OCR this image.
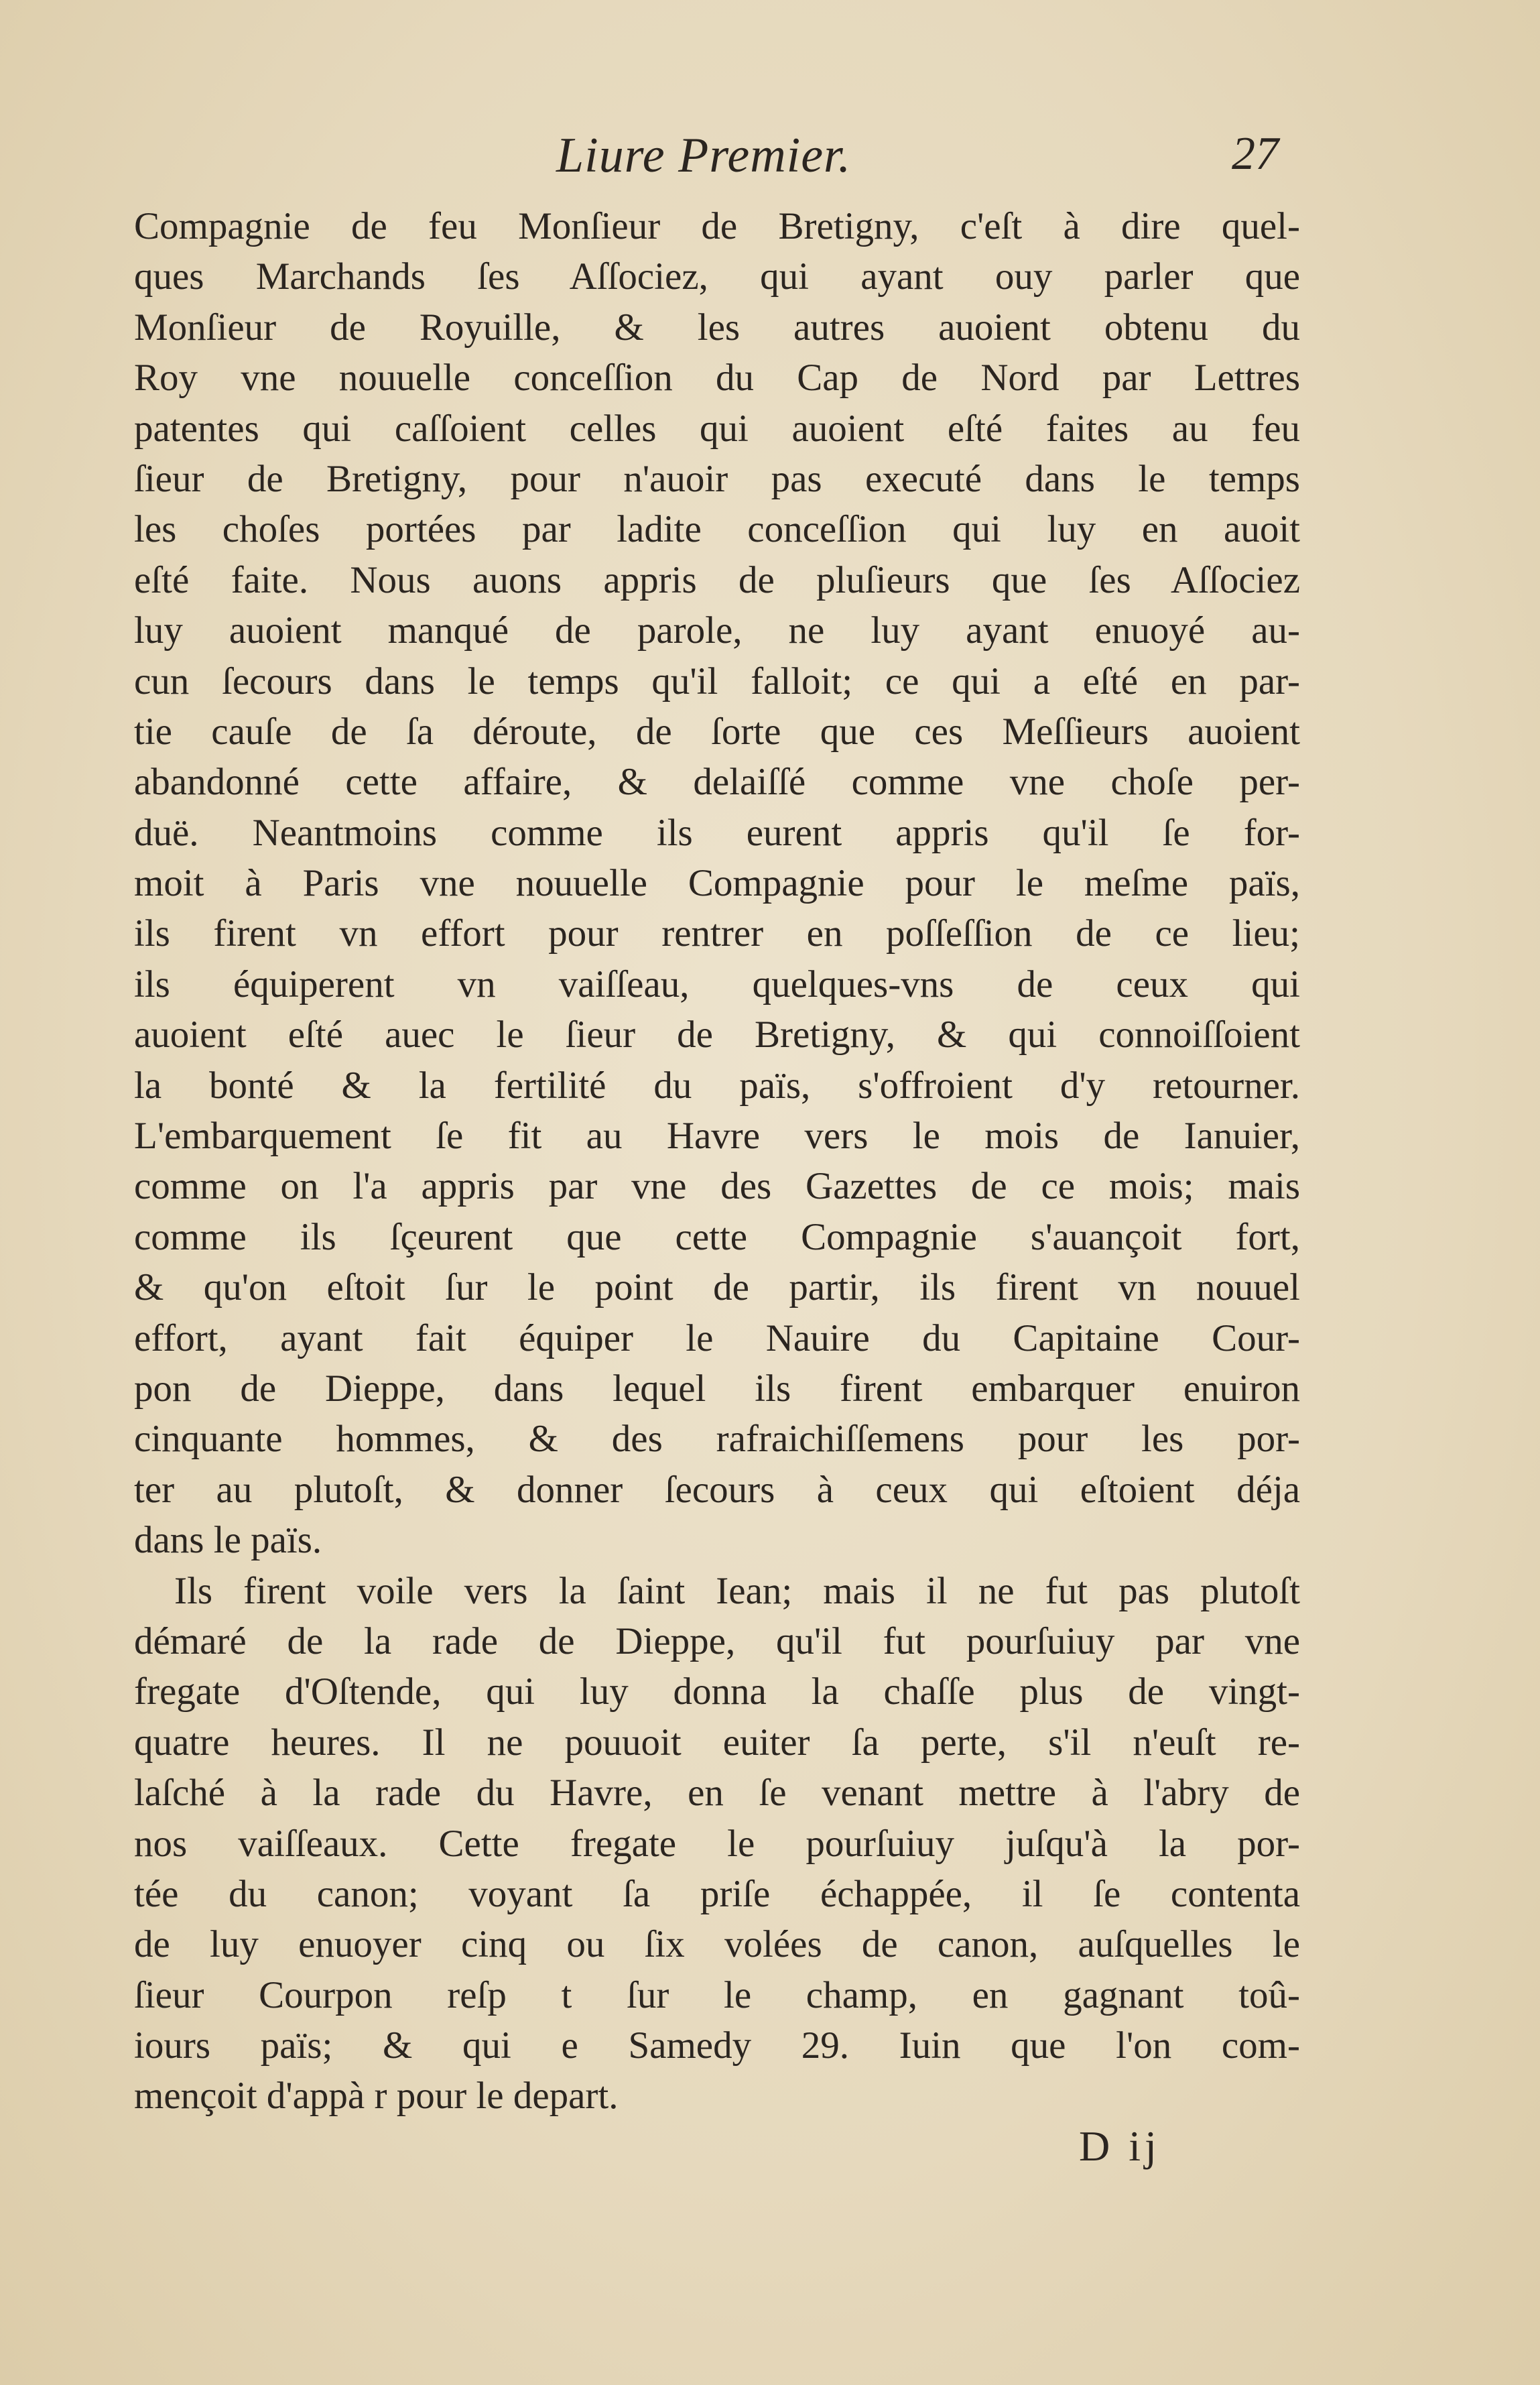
Liure Premier.	27
Compagnie de feu Monſieur de Bretigny, c'eſt à dire quel-
ques Marchands ſes Aſſociez, qui ayant ouy parler que
Monſieur de Royuille, & les autres auoient obtenu du
Roy vne nouuelle conceſſion du Cap de Nord par Lettres
patentes qui caſſoient celles qui auoient eſté faites au feu
ſieur de Bretigny, pour n'auoir pas executé dans le temps
les choſes portées par ladite conceſſion qui luy en auoit
eſté faite. Nous auons appris de pluſieurs que ſes Aſſociez
luy auoient manqué de parole, ne luy ayant enuoyé au-
cun ſecours dans le temps qu'il falloit; ce qui a eſté en par-
tie cauſe de ſa déroute, de ſorte que ces Meſſieurs auoient
abandonné cette affaire, & delaiſſé comme vne choſe per-
duë. Neantmoins comme ils eurent appris qu'il ſe for-
moit à Paris vne nouuelle Compagnie pour le meſme païs,
ils firent vn effort pour rentrer en poſſeſſion de ce lieu;
ils équiperent vn vaiſſeau, quelques-vns de ceux qui
auoient eſté auec le ſieur de Bretigny, & qui connoiſſoient
la bonté & la fertilité du païs, s'offroient d'y retourner.
L'embarquement ſe fit au Havre vers le mois de Ianuier,
comme on l'a appris par vne des Gazettes de ce mois; mais
comme ils ſçeurent que cette Compagnie s'auançoit fort,
& qu'on eſtoit ſur le point de partir, ils firent vn nouuel
effort, ayant fait équiper le Nauire du Capitaine Cour-
pon de Dieppe, dans lequel ils firent embarquer enuiron
cinquante hommes, & des rafraichiſſemens pour les por-
ter au plutoſt, & donner ſecours à ceux qui eſtoient déja
dans le païs.
Ils firent voile vers la ſaint Iean; mais il ne fut pas plutoſt
démaré de la rade de Dieppe, qu'il fut pourſuiuy par vne
fregate d'Oſtende, qui luy donna la chaſſe plus de vingt-
quatre heures. Il ne pouuoit euiter ſa perte, s'il n'euſt re-
laſché à la rade du Havre, en ſe venant mettre à l'abry de
nos vaiſſeaux. Cette fregate le pourſuiuy juſqu'à la por-
tée du canon; voyant ſa priſe échappée, il ſe contenta
de luy enuoyer cinq ou ſix volées de canon, auſquelles le
ſieur Courpon reſp t ſur le champ, en gagnant toû-
iours païs; & qui e Samedy 29. Iuin que l'on com-
mençoit d'appà r pour le depart.
D ij
